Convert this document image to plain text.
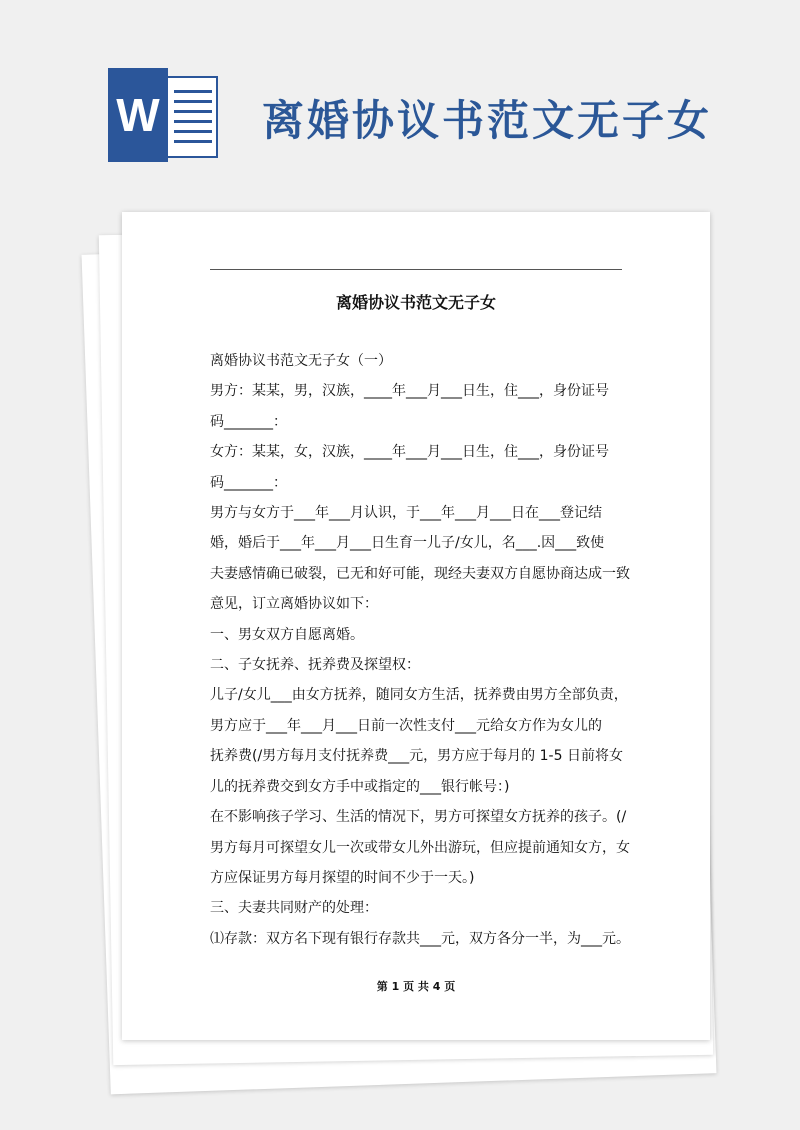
W 离婚协议书范文无子女
离婚协议书范文无子女

离婚协议书范文无子女（一）

男方：某某，男，汉族，____年___月___日生，住___，身份证号

码_______：

女方：某某，女，汉族，____年___月___日生，住___，身份证号

码_______：

男方与女方于___年___月认识，于___年___月___日在___登记结

婚，婚后于___年___月___日生育一儿子/女儿，名___.因___致使

夫妻感情确已破裂，已无和好可能，现经夫妻双方自愿协商达成一致

意见，订立离婚协议如下：

一、男女双方自愿离婚。

二、子女抚养、抚养费及探望权：

儿子/女儿___由女方抚养，随同女方生活，抚养费由男方全部负责，

男方应于___年___月___日前一次性支付___元给女方作为女儿的

抚养费(/男方每月支付抚养费___元，男方应于每月的 1-5 日前将女

儿的抚养费交到女方手中或指定的___银行帐号：)

在不影响孩子学习、生活的情况下，男方可探望女方抚养的孩子。(/

男方每月可探望女儿一次或带女儿外出游玩，但应提前通知女方，女

方应保证男方每月探望的时间不少于一天。)

三、夫妻共同财产的处理：

⑴存款：双方名下现有银行存款共___元，双方各分一半，为___元。

第 1 页 共 4 页
